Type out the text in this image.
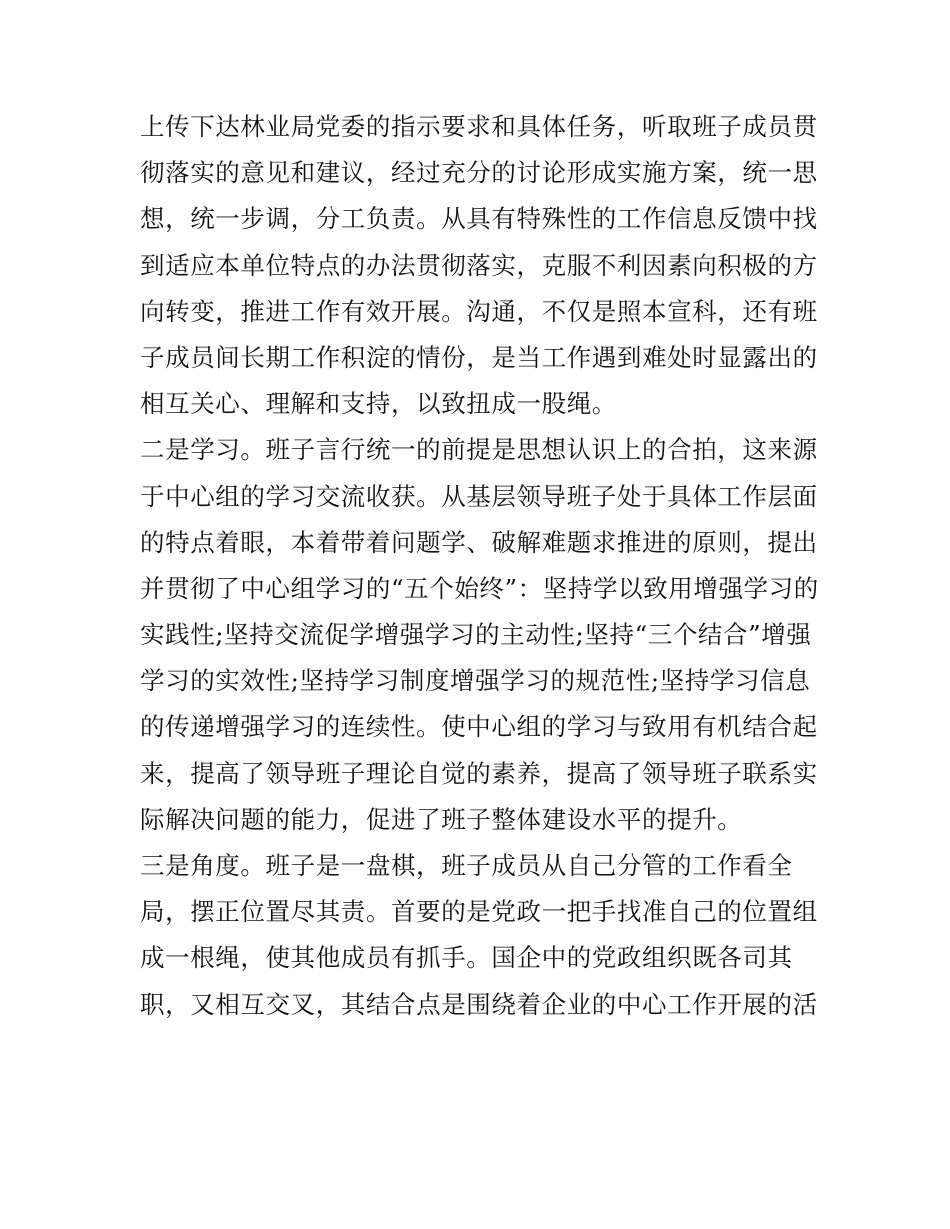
上传下达林业局党委的指示要求和具体任务，听取班子成员贯
彻落实的意见和建议，经过充分的讨论形成实施方案，统一思
想，统一步调，分工负责。从具有特殊性的工作信息反馈中找
到适应本单位特点的办法贯彻落实，克服不利因素向积极的方
向转变，推进工作有效开展。沟通，不仅是照本宣科，还有班
子成员间长期工作积淀的情份，是当工作遇到难处时显露出的
相互关心、理解和支持，以致扭成一股绳。
二是学习。班子言行统一的前提是思想认识上的合拍，这来源
于中心组的学习交流收获。从基层领导班子处于具体工作层面
的特点着眼，本着带着问题学、破解难题求推进的原则，提出
并贯彻了中心组学习的“五个始终”：坚持学以致用增强学习的
实践性;坚持交流促学增强学习的主动性;坚持“三个结合”增强
学习的实效性;坚持学习制度增强学习的规范性;坚持学习信息
的传递增强学习的连续性。使中心组的学习与致用有机结合起
来，提高了领导班子理论自觉的素养，提高了领导班子联系实
际解决问题的能力，促进了班子整体建设水平的提升。
三是角度。班子是一盘棋，班子成员从自己分管的工作看全
局，摆正位置尽其责。首要的是党政一把手找准自己的位置组
成一根绳，使其他成员有抓手。国企中的党政组织既各司其
职，又相互交叉，其结合点是围绕着企业的中心工作开展的活
